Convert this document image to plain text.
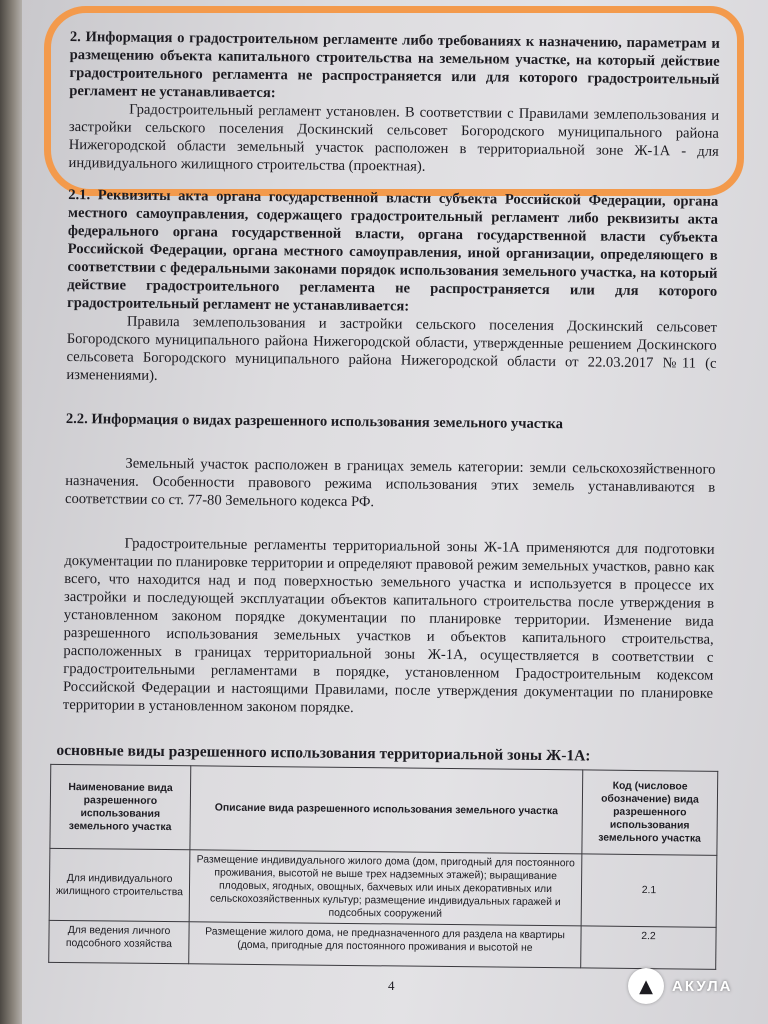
2. Информация о градостроительном регламенте либо требованиях к назначению, параметрам и размещению объекта капитального строительства на земельном участке, на который действие градостроительного регламента не распространяется или для которого градостроительный регламент не устанавливается:
Градостроительный регламент установлен. В соответствии с Правилами землепользования и застройки сельского поселения Доскинский сельсовет Богородского муниципального района Нижегородской области земельный участок расположен в территориальной зоне Ж-1А - для индивидуального жилищного строительства (проектная).
2.1. Реквизиты акта органа государственной власти субъекта Российской Федерации, органа местного самоуправления, содержащего градостроительный регламент либо реквизиты акта федерального органа государственной власти, органа государственной власти субъекта Российской Федерации, органа местного самоуправления, иной организации, определяющего в соответствии с федеральными законами порядок использования земельного участка, на который действие градостроительного регламента не распространяется или для которого градостроительный регламент не устанавливается:
Правила землепользования и застройки сельского поселения Доскинский сельсовет Богородского муниципального района Нижегородской области, утвержденные решением Доскинского сельсовета Богородского муниципального района Нижегородской области от 22.03.2017 №11 (с изменениями).
2.2. Информация о видах разрешенного использования земельного участка
Земельный участок расположен в границах земель категории: земли сельскохозяйственного назначения. Особенности правового режима использования этих земель устанавливаются в соответствии со ст. 77-80 Земельного кодекса РФ.
Градостроительные регламенты территориальной зоны Ж-1А применяются для подготовки документации по планировке территории и определяют правовой режим земельных участков, равно как всего, что находится над и под поверхностью земельного участка и используется в процессе их застройки и последующей эксплуатации объектов капитального строительства после утверждения в установленном законом порядке документации по планировке территории. Изменение вида разрешенного использования земельных участков и объектов капитального строительства, расположенных в границах территориальной зоны Ж-1А, осуществляется в соответствии с градостроительными регламентами в порядке, установленном Градостроительным кодексом Российской Федерации и настоящими Правилами, после утверждения документации по планировке территории в установленном законом порядке.
основные виды разрешенного использования территориальной зоны Ж-1А:
Наименование вида разрешенного использования земельного участка	Описание вида разрешенного использования земельного участка	Код (числовое обозначение) вида разрешенного использования земельного участка
Для индивидуального жилищного строительства	Размещение индивидуального жилого дома (дом, пригодный для постоянного проживания, высотой не выше трех надземных этажей); выращивание плодовых, ягодных, овощных, бахчевых или иных декоративных или сельскохозяйственных культур; размещение индивидуальных гаражей и подсобных сооружений	2.1
Для ведения личного подсобного хозяйства	Размещение жилого дома, не предназначенного для раздела на квартиры (дома, пригодные для постоянного проживания и высотой не	2.2
4	▲	АКУЛА
